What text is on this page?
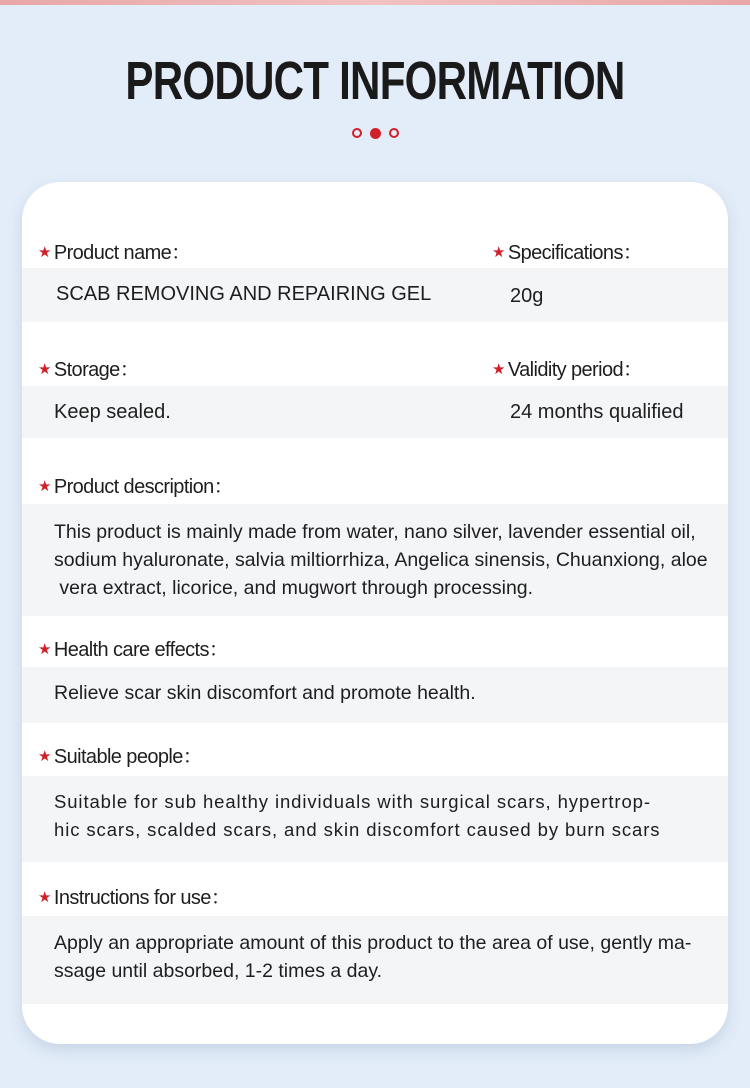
PRODUCT INFORMATION
★ Product name：	★ Specifications：
SCAB REMOVING AND REPAIRING GEL	20g
★ Storage：	★ Validity period：
Keep sealed.	24 months qualified
★ Product description：
This product is mainly made from water, nano silver, lavender essential oil,
sodium hyaluronate, salvia miltiorrhiza, Angelica sinensis, Chuanxiong, aloe
vera extract, licorice, and mugwort through processing.
★ Health care effects：
Relieve scar skin discomfort and promote health.
★ Suitable people：
Suitable for sub healthy individuals with surgical scars, hypertrop-
hic scars, scalded scars, and skin discomfort caused by burn scars
★ Instructions for use：
Apply an appropriate amount of this product to the area of use, gently ma-
ssage until absorbed, 1-2 times a day.
